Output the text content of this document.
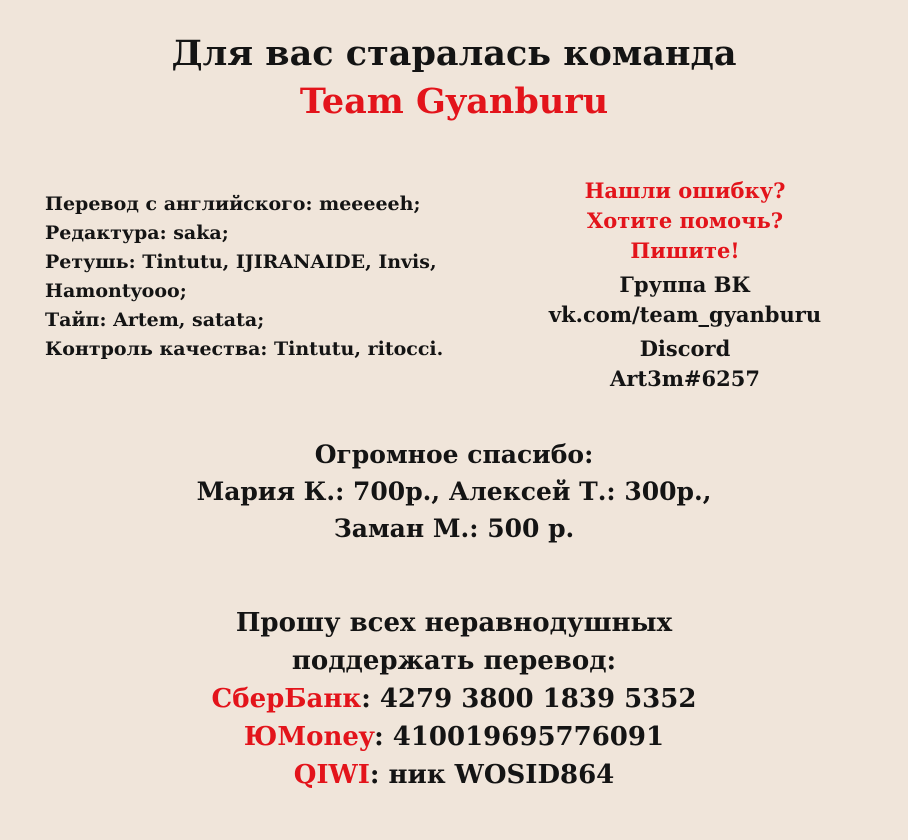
Для вас старалась команда
Team Gyanburu
Перевод с английского: meeeeeh;
Редактура: saka;
Ретушь: Tintutu, IJIRANAIDE, Invis,
Hamontyooo;
Тайп: Artem, satata;
Контроль качества: Tintutu, ritocci.
Нашли ошибку?
Хотите помочь?
Пишите!
Группа ВК
vk.com/team_gyanburu
Discord
Art3m#6257
Огромное спасибо:
Мария К.: 700р., Алексей Т.: 300р.,
Заман М.: 500 р.
Прошу всех неравнодушных
поддержать перевод:
СберБанк: 4279 3800 1839 5352
ЮMoney: 410019695776091
QIWI: ник WOSID864
